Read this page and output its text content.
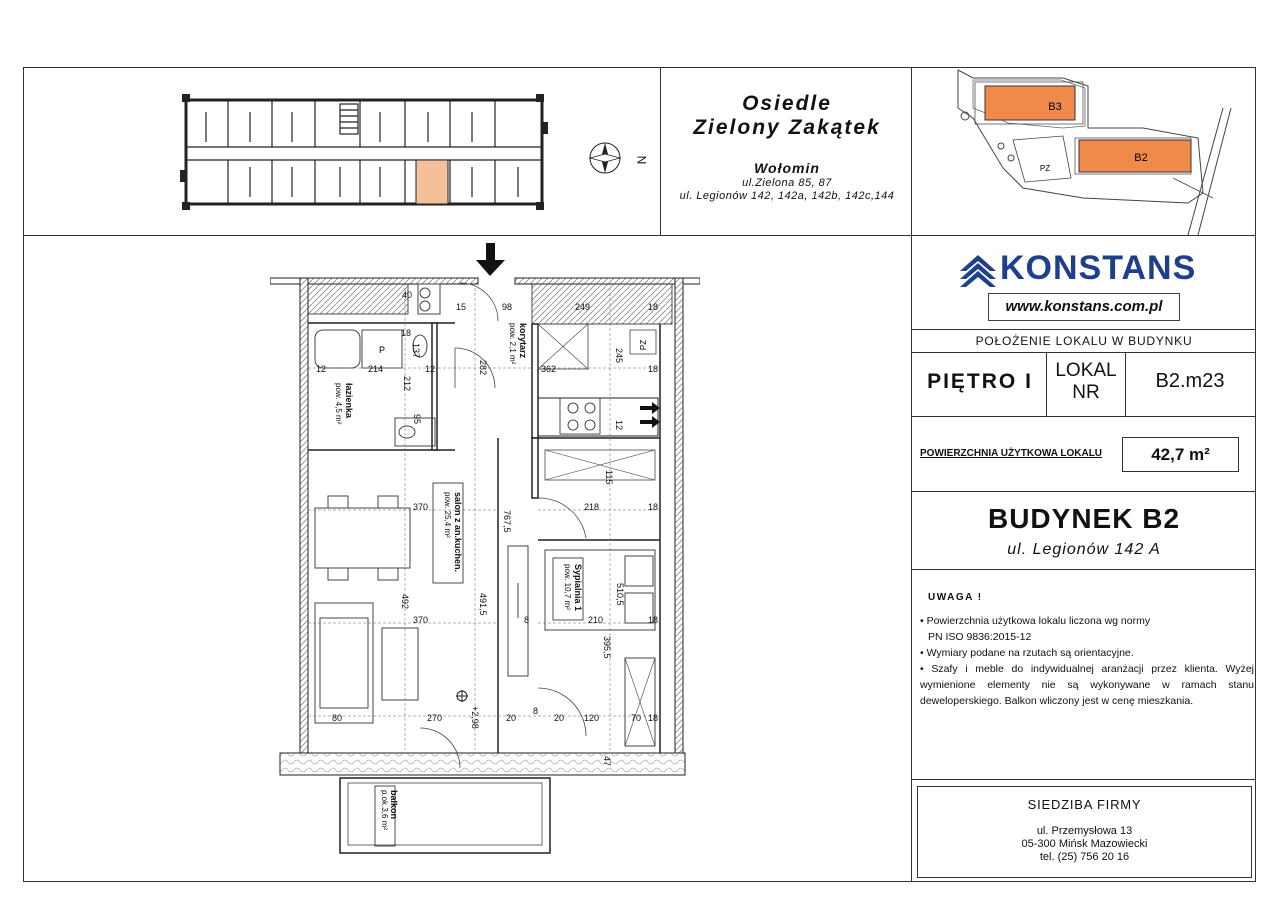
N
Osiedle
Zielony Zakątek
Wołomin
ul.Zielona 85, 87
ul. Legionów 142, 142a, 142b, 142c,144
B3
B2
PZ
KONSTANS
www.konstans.com.pl
POŁOŻENIE LOKALU W BUDYNKU
PIĘTRO I	LOKAL
NR
B2.m23
POWIERZCHNIA UŻYTKOWA LOKALU	42,7 m²
BUDYNEK B2
ul. Legionów 142 A
UWAGA !
• Powierzchnia użytkowa lokalu liczona wg normy
PN ISO 9836:2015-12
• Wymiary podane na rzutach są orientacyjne.
• Szafy i meble do indywidualnej aranżacji przez klienta. Wyżej wymienione elementy nie są wykonywane w ramach stanu deweloperskiego. Balkon wliczony jest w cenę mieszkania.
SIEDZIBA FIRMY
ul. Przemysłowa 13
05-300 Mińsk Mazowiecki
tel. (25) 756 20 16
PZ
P	korytarz
pow. 2,1 m²
łazienka
pow. 4,5 m²
salon z an.kuchen.
pow. 25,4 m²
Sypialnia 1
pow. 10,7 m²
balkon
p.ok.3,6 m²
+2,98
40
15	98	249	18
18
137
214
212
12	282	362
245
18
95
12
12
115
370	218	18
767,5
492	491,5
370	210	18
510,5
8
395,5
80	270	20
8
20 120	70 18
47
